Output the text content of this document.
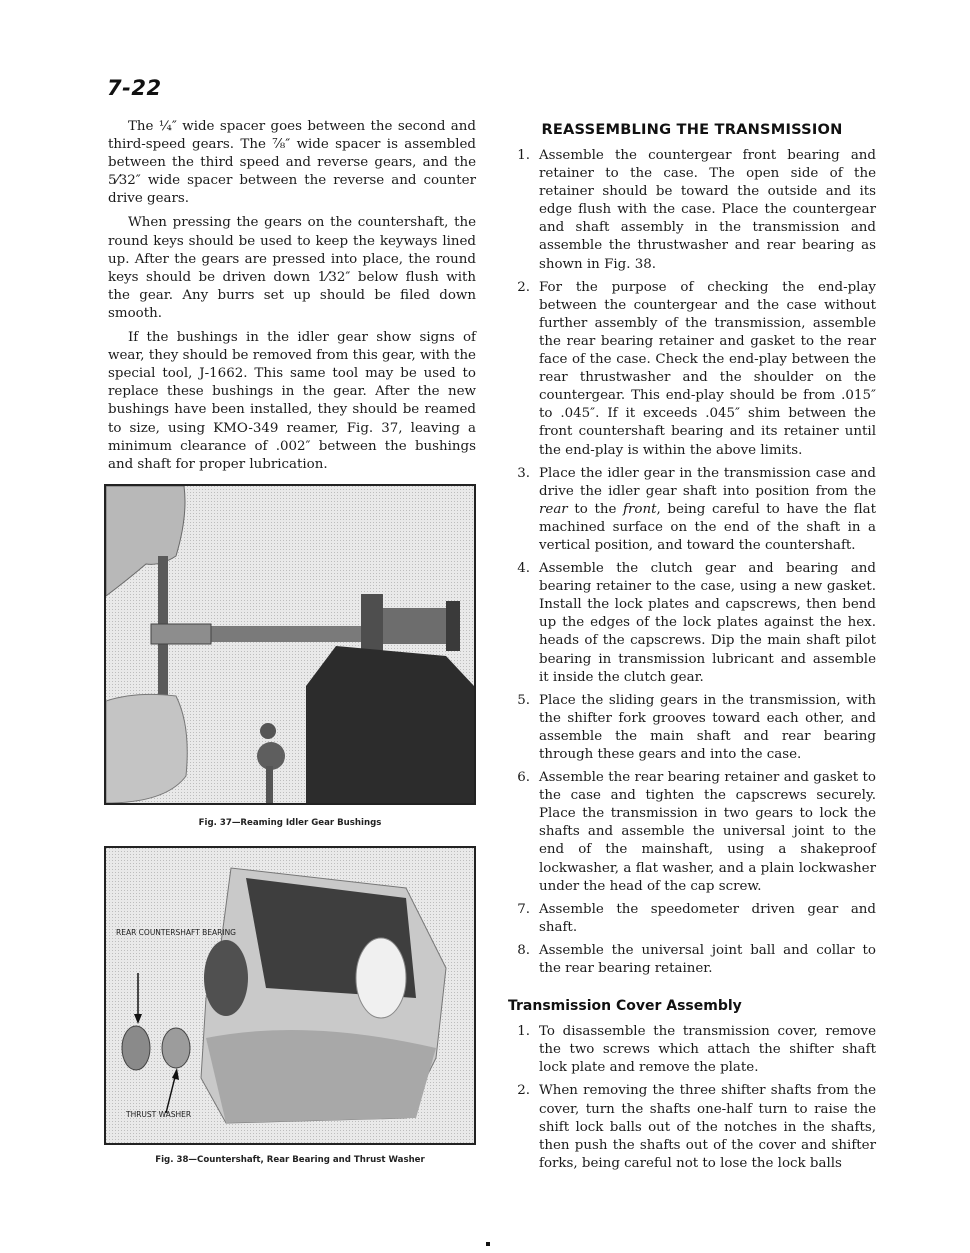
7-22

The ¼″ wide spacer goes between the second and third-speed gears. The ⅞″ wide spacer is assembled between the third speed and reverse gears, and the 5⁄32″ wide spacer between the reverse and counter drive gears.

When pressing the gears on the countershaft, the round keys should be used to keep the keyways lined up. After the gears are pressed into place, the round keys should be driven down 1⁄32″ below flush with the gear. Any burrs set up should be filed down smooth.

If the bushings in the idler gear show signs of wear, they should be removed from this gear, with the special tool, J-1662. This same tool may be used to replace these bushings in the gear. After the new bushings have been installed, they should be reamed to size, using KMO-349 reamer, Fig. 37, leaving a minimum clearance of .002″ between the bushings and shaft for proper lubrication.

Fig. 37—Reaming Idler Gear Bushings
REAR COUNTERSHAFT BEARING
THRUST WASHER
Fig. 38—Countershaft, Rear Bearing and Thrust Washer
REASSEMBLING THE TRANSMISSION
1. Assemble the countergear front bearing and retainer to the case. The open side of the retainer should be toward the outside and its edge flush with the case. Place the countergear and shaft assembly in the transmission and assemble the thrustwasher and rear bearing as shown in Fig. 38.
2. For the purpose of checking the end-play between the countergear and the case without further assembly of the transmission, assemble the rear bearing retainer and gasket to the rear face of the case. Check the end-play between the rear thrustwasher and the shoulder on the countergear. This end-play should be from .015″ to .045″. If it exceeds .045″ shim between the front countershaft bearing and its retainer until the end-play is within the above limits.
3. Place the idler gear in the transmission case and drive the idler gear shaft into position from the rear to the front, being careful to have the flat machined surface on the end of the shaft in a vertical position, and toward the countershaft.
4. Assemble the clutch gear and bearing and bearing retainer to the case, using a new gasket. Install the lock plates and capscrews, then bend up the edges of the lock plates against the hex. heads of the capscrews. Dip the main shaft pilot bearing in transmission lubricant and assemble it inside the clutch gear.
5. Place the sliding gears in the transmission, with the shifter fork grooves toward each other, and assemble the main shaft and rear bearing through these gears and into the case.
6. Assemble the rear bearing retainer and gasket to the case and tighten the capscrews securely. Place the transmission in two gears to lock the shafts and assemble the universal joint to the end of the mainshaft, using a shakeproof lockwasher, a flat washer, and a plain lockwasher under the head of the cap screw.
7. Assemble the speedometer driven gear and shaft.
8. Assemble the universal joint ball and collar to the rear bearing retainer.
Transmission Cover Assembly
1. To disassemble the transmission cover, remove the two screws which attach the shifter shaft lock plate and remove the plate.
2. When removing the three shifter shafts from the cover, turn the shafts one-half turn to raise the shift lock balls out of the notches in the shafts, then push the shafts out of the cover and shifter forks, being careful not to lose the lock balls
